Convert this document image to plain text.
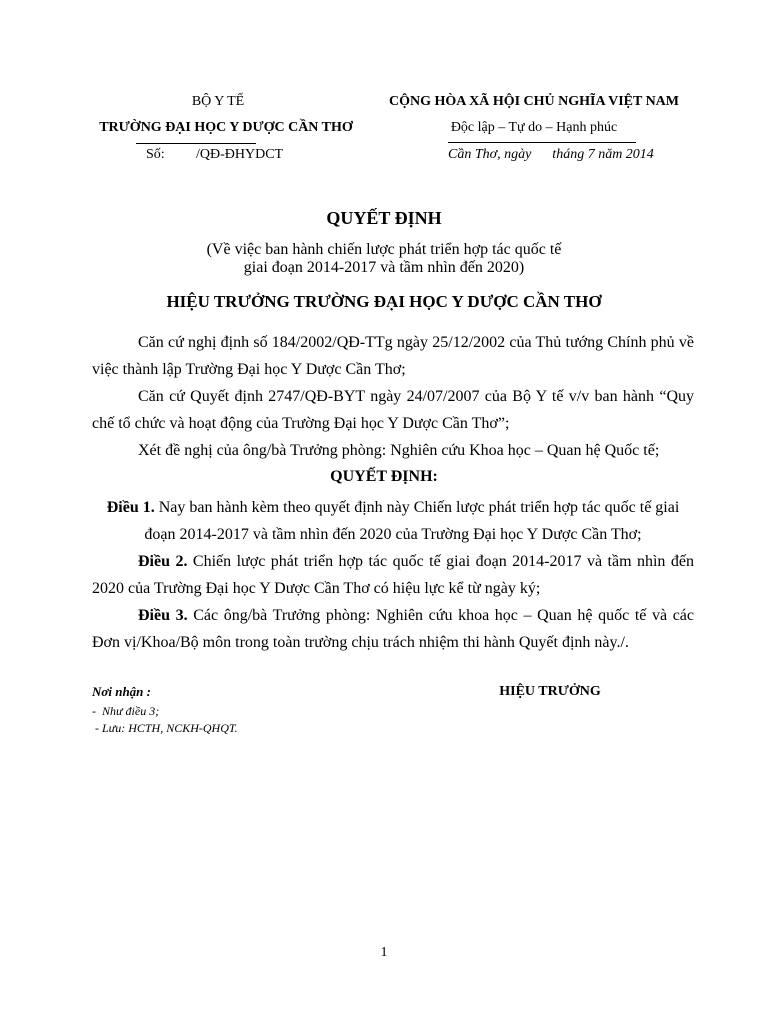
BỘ Y TẾ
TRƯỜNG ĐẠI HỌC Y DƯỢC CẦN THƠ
Số: /QĐ-ĐHYDCT
CỘNG HÒA XÃ HỘI CHỦ NGHĨA VIỆT NAM
Độc lập – Tự do – Hạnh phúc
Cần Thơ, ngày      tháng 7 năm 2014
QUYẾT ĐỊNH
(Về việc ban hành chiến lược phát triển hợp tác quốc tế
giai đoạn 2014-2017 và tầm nhìn đến 2020)
HIỆU TRƯỞNG TRƯỜNG ĐẠI HỌC Y DƯỢC CẦN THƠ
Căn cứ nghị định số 184/2002/QĐ-TTg ngày 25/12/2002 của Thủ tướng Chính phủ về việc thành lập Trường Đại học Y Dược Cần Thơ;
Căn cứ Quyết định 2747/QĐ-BYT ngày 24/07/2007 của Bộ Y tế v/v ban hành “Quy chế tổ chức và hoạt động của Trường Đại học Y Dược Cần Thơ”;
Xét đề nghị của ông/bà Trưởng phòng: Nghiên cứu Khoa học – Quan hệ Quốc tế;
QUYẾT ĐỊNH:
Điều 1. Nay ban hành kèm theo quyết định này Chiến lược phát triển hợp tác quốc tế giai đoạn 2014-2017 và tầm nhìn đến 2020 của Trường Đại học Y Dược Cần Thơ;
Điều 2. Chiến lược phát triển hợp tác quốc tế giai đoạn 2014-2017 và tầm nhìn đến 2020 của Trường Đại học Y Dược Cần Thơ có hiệu lực kể từ ngày ký;
Điều 3. Các ông/bà Trưởng phòng: Nghiên cứu khoa học – Quan hệ quốc tế và các Đơn vị/Khoa/Bộ môn trong toàn trường chịu trách nhiệm thi hành Quyết định này./.
Nơi nhận :
-  Như điều 3;
- Lưu: HCTH, NCKH-QHQT.
HIỆU TRƯỞNG
1
